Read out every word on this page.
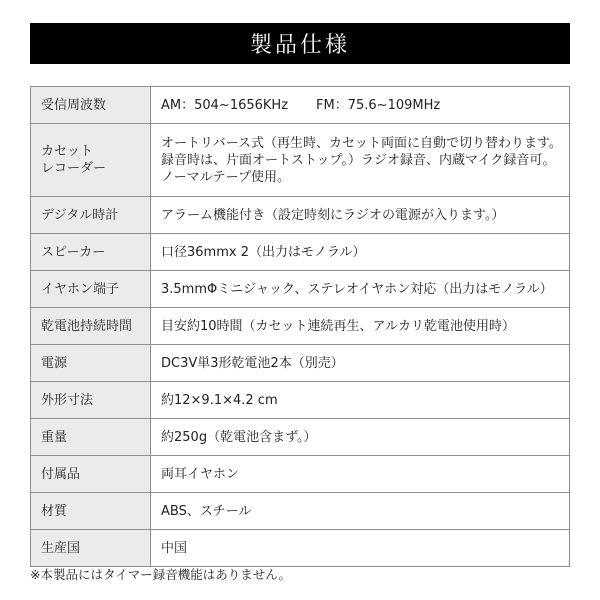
製品仕様
受信周波数	AM：504~1656KHz FM：75.6~109MHz

カセット
レコーダー	オートリバース式（再生時、カセット両面に自動で切り替わります。
録音時は、片面オートストップ。）ラジオ録音、内蔵マイク録音可。
ノーマルテープ使用。

デジタル時計	アラーム機能付き（設定時刻にラジオの電源が入ります。）

スピーカー	口径36mmx 2（出力はモノラル）

イヤホン端子	3.5mmΦミニジャック、ステレオイヤホン対応（出力はモノラル）

乾電池持続時間	目安約10時間（カセット連続再生、アルカリ乾電池使用時）

電源	DC3V単3形乾電池2本（別売）

外形寸法	約12×9.1×4.2 cm

重量	約250g（乾電池含まず。）

付属品	両耳イヤホン

材質	ABS、スチール

生産国	中国
※本製品にはタイマー録音機能はありません。
